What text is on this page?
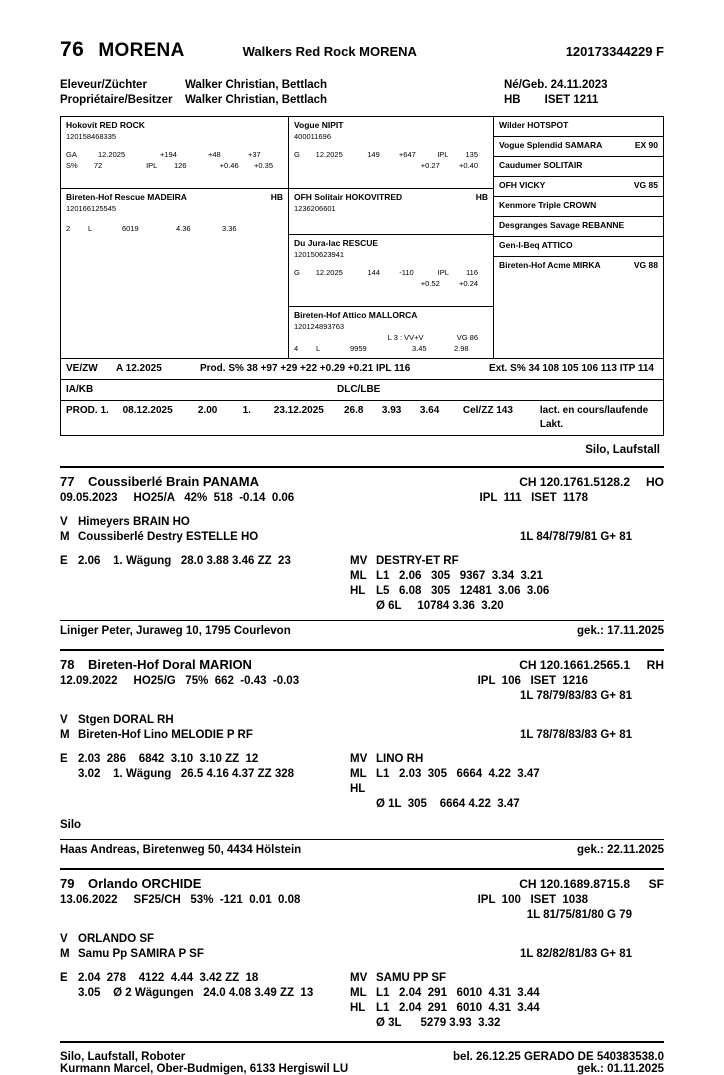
76 MORENA	Walkers Red Rock MORENA	120173344229 F
Eleveur/Züchter	Walker Christian, Bettlach	Né/Geb. 24.11.2023
Propriétaire/Besitzer	Walker Christian, Bettlach	HB ISET 1211
Hokovit RED ROCK
120158468335
GA	12.2025	+194	+48	+37
S%	72	IPL	126	+0.46	+0.35
Bireten-Hof Rescue MADEIRA	HB
120166125545
2	L	6019	4.36	3.36
Vogue NIPIT
400011696
G	12.2025	149	+647	IPL	135
+0.27	+0.40
OFH Solitair HOKOVITRED	HB
1236206601
Du Jura-lac RESCUE
120150623941
G	12.2025	144	-110	IPL	116
+0.52	+0.24
Bireten-Hof Attico MALLORCA
120124893763
L 3 : VV+V	VG 86
4	L	9959	3.45	2.98
Wilder HOTSPOT
Vogue Splendid SAMARA	EX 90
Caudumer SOLITAIR
OFH VICKY	VG 85
Kenmore Triple CROWN
Desgranges Savage REBANNE
Gen-I-Beq ATTICO
Bireten-Hof Acme MIRKA	VG 88
VE/ZW	A 12.2025	Prod. S% 38 +97 +29 +22 +0.29 +0.21 IPL 116	Ext. S% 34 108 105 106 113 ITP 114
IA/KB	DLC/LBE
PROD. 1.	08.12.2025	2.00	1.	23.12.2025	26.8	3.93	3.64	Cel/ZZ 143	lact. en cours/laufende Lakt.
Silo, Laufstall
77	Coussiberlé Brain PANAMA	CH 120.1761.5128.2	HO
09.05.2023     HO25/A   42%  518  -0.14  0.06	IPL  111   ISET  1178
V Himeyers BRAIN HO
M Coussiberlé Destry ESTELLE HO	1L 84/78/79/81 G+ 81
E 2.06    1. Wägung   28.0 3.88 3.46 ZZ  23	MV DESTRY-ET RF
ML L1   2.06   305   9367  3.34  3.21
HL L5   6.08   305   12481  3.06  3.06
Ø 6L     10784 3.36  3.20
Liniger Peter, Juraweg 10, 1795 Courlevon	gek.: 17.11.2025
78	Bireten-Hof Doral MARION	CH 120.1661.2565.1	RH
12.09.2022     HO25/G   75%  662  -0.43  -0.03	IPL  106   ISET  1216
1L 78/79/83/83 G+ 81
V Stgen DORAL RH
M Bireten-Hof Lino MELODIE P RF	1L 78/78/83/83 G+ 81
E 2.03  286    6842  3.10  3.10 ZZ  12
3.02    1. Wägung   26.5 4.16 4.37 ZZ 328
MV LINO RH
ML L1   2.03  305   6664  4.22  3.47
HL
Ø 1L  305    6664 4.22  3.47
Silo
Haas Andreas, Biretenweg 50, 4434 Hölstein	gek.: 22.11.2025
79	Orlando ORCHIDE	CH 120.1689.8715.8	SF
13.06.2022     SF25/CH   53%  -121  0.01  0.08	IPL  100   ISET  1038
1L 81/75/81/80 G 79
V ORLANDO SF
M Samu Pp SAMIRA P SF	1L 82/82/81/83 G+ 81
E 2.04  278    4122  4.44  3.42 ZZ  18
3.05    Ø 2 Wägungen   24.0 4.08 3.49 ZZ  13
MV SAMU PP SF
ML L1   2.04  291   6010  4.31  3.44
HL L1   2.04  291   6010  4.31  3.44
Ø 3L      5279 3.93  3.32
Silo, Laufstall, Roboter	bel. 26.12.25 GERADO DE 540383538.0
Kurmann Marcel, Ober-Budmigen, 6133 Hergiswil LU	gek.: 01.11.2025
